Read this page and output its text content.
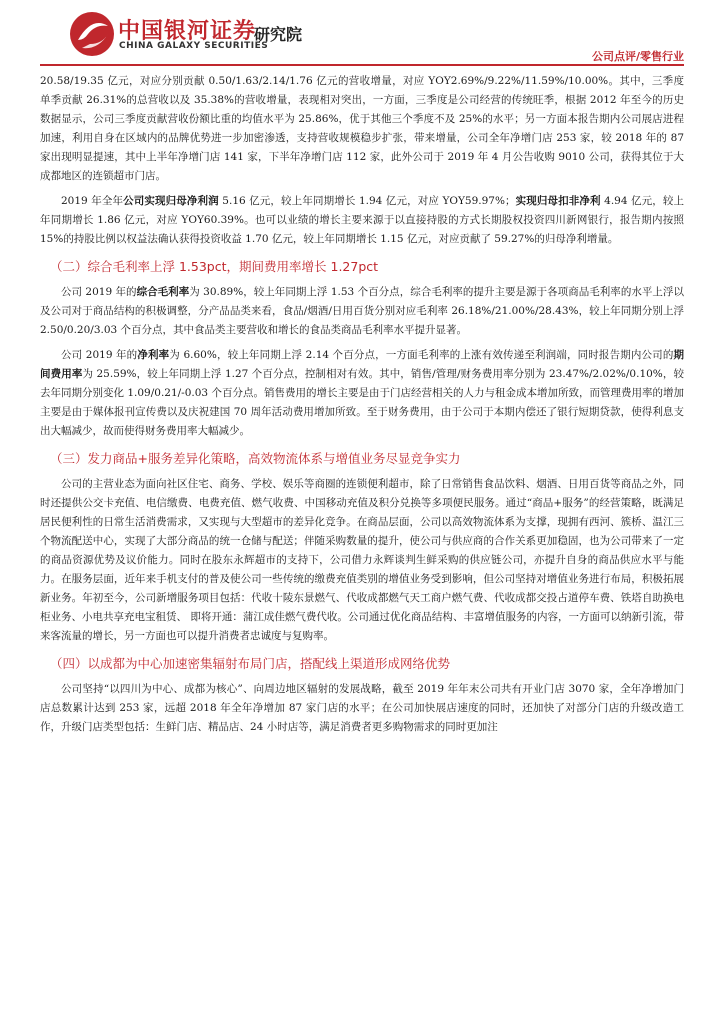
中国银河证券
CHINA GALAXY SECURITIES
研究院
公司点评/零售行业

20.58/19.35 亿元，对应分别贡献 0.50/1.63/2.14/1.76 亿元的营收增量，对应 YOY2.69%/9.22%/11.59%/10.00%。其中，三季度单季贡献 26.31%的总营收以及 35.38%的营收增量，表现相对突出，一方面，三季度是公司经营的传统旺季，根据 2012 年至今的历史数据显示，公司三季度贡献营收份额比重的均值水平为 25.86%，优于其他三个季度不及 25%的水平；另一方面本报告期内公司展店进程加速，利用自身在区域内的品牌优势进一步加密渗透，支持营收规模稳步扩张，带来增量，公司全年净增门店 253 家，较 2018 年的 87 家出现明显提速，其中上半年净增门店 141 家，下半年净增门店 112 家，此外公司于 2019 年 4 月公告收购 9010 公司，获得其位于大成都地区的连锁超市门店。

2019 年全年公司实现归母净利润 5.16 亿元，较上年同期增长 1.94 亿元，对应 YOY59.97%；实现归母扣非净利 4.94 亿元，较上年同期增长 1.86 亿元，对应 YOY60.39%。也可以业绩的增长主要来源于以直接持股的方式长期股权投资四川新网银行，报告期内按照 15%的持股比例以权益法确认获得投资收益 1.70 亿元，较上年同期增长 1.15 亿元，对应贡献了 59.27%的归母净利增量。

（二）综合毛利率上浮 1.53pct，期间费用率增长 1.27pct

公司 2019 年的综合毛利率为 30.89%，较上年同期上浮 1.53 个百分点，综合毛利率的提升主要是源于各项商品毛利率的水平上浮以及公司对于商品结构的积极调整，分产品品类来看，食品/烟酒/日用百货分别对应毛利率 26.18%/21.00%/28.43%，较上年同期分别上浮 2.50/0.20/3.03 个百分点，其中食品类主要营收和增长的食品类商品毛利率水平提升显著。

公司 2019 年的净利率为 6.60%，较上年同期上浮 2.14 个百分点，一方面毛利率的上涨有效传递至利润端，同时报告期内公司的期间费用率为 25.59%，较上年同期上浮 1.27 个百分点，控制相对有效。其中，销售/管理/财务费用率分别为 23.47%/2.02%/0.10%，较去年同期分别变化 1.09/0.21/-0.03 个百分点。销售费用的增长主要是由于门店经营相关的人力与租金成本增加所致，而管理费用率的增加主要是由于媒体报刊宣传费以及庆祝建国 70 周年活动费用增加所致。至于财务费用，由于公司于本期内偿还了银行短期贷款，使得利息支出大幅减少，故而使得财务费用率大幅减少。

（三）发力商品+服务差异化策略，高效物流体系与增值业务尽显竞争实力

公司的主营业态为面向社区住宅、商务、学校、娱乐等商圈的连锁便利超市，除了日常销售食品饮料、烟酒、日用百货等商品之外，同时还提供公交卡充值、电信缴费、电费充值、燃气收费、中国移动充值及积分兑换等多项便民服务。通过“商品+服务”的经营策略，既满足居民便利性的日常生活消费需求，又实现与大型超市的差异化竞争。在商品层面，公司以高效物流体系为支撑，现拥有西河、簇桥、温江三个物流配送中心，实现了大部分商品的统一仓储与配送；伴随采购数量的提升，使公司与供应商的合作关系更加稳固，也为公司带来了一定的商品资源优势及议价能力。同时在股东永辉超市的支持下，公司借力永辉谈判生鲜采购的供应链公司，亦提升自身的商品供应水平与能力。在服务层面，近年来手机支付的普及使公司一些传统的缴费充值类别的增值业务受到影响，但公司坚持对增值业务进行布局，积极拓展新业务。年初至今，公司新增服务项目包括：代收十陵东景燃气、代收成都燃气天工商户燃气费、代收成都交投占道停车费、铁塔自助换电柜业务、小电共享充电宝租赁、 即将开通：蒲江成佳燃气费代收。公司通过优化商品结构、丰富增值服务的内容，一方面可以纳新引流，带来客流量的增长，另一方面也可以提升消费者忠诚度与复购率。

（四）以成都为中心加速密集辐射布局门店，搭配线上渠道形成网络优势

公司坚持“以四川为中心、成都为核心”、向周边地区辐射的发展战略，截至 2019 年年末公司共有开业门店 3070 家，全年净增加门店总数累计达到 253 家，远超 2018 年全年净增加 87 家门店的水平；在公司加快展店速度的同时，还加快了对部分门店的升级改造工作，升级门店类型包括：生鲜门店、精品店、24 小时店等，满足消费者更多购物需求的同时更加注
